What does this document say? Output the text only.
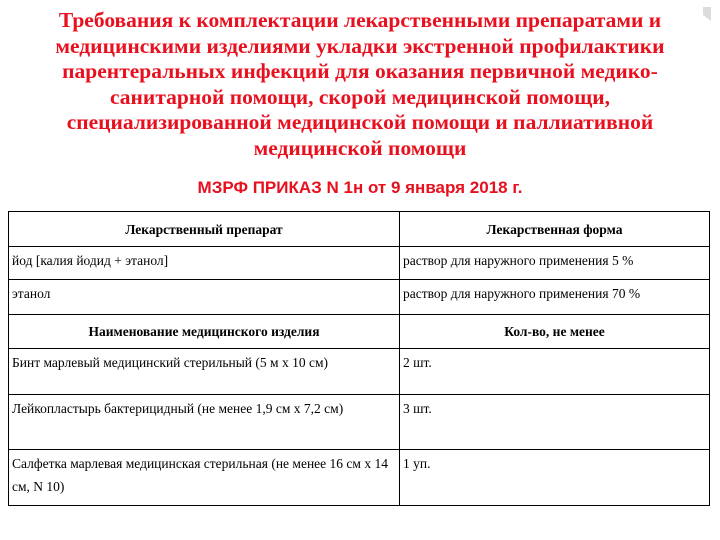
Требования к комплектации лекарственными препаратами и медицинскими изделиями укладки экстренной профилактики парентеральных инфекций для оказания первичной медико-санитарной помощи, скорой медицинской помощи, специализированной медицинской помощи и паллиативной медицинской помощи

МЗРФ ПРИКАЗ N 1н от 9 января 2018 г.

Лекарственный препарат	Лекарственная форма
йод [калия йодид + этанол]	раствор для наружного применения 5 %
этанол	раствор для наружного применения 70 %
Наименование медицинского изделия	Кол-во, не менее
Бинт марлевый медицинский стерильный (5 м x 10 см)	2 шт.
Лейкопластырь бактерицидный (не менее 1,9 см x 7,2 см)	3 шт.
Салфетка марлевая медицинская стерильная (не менее 16 см x 14 см, N 10)	1 уп.
